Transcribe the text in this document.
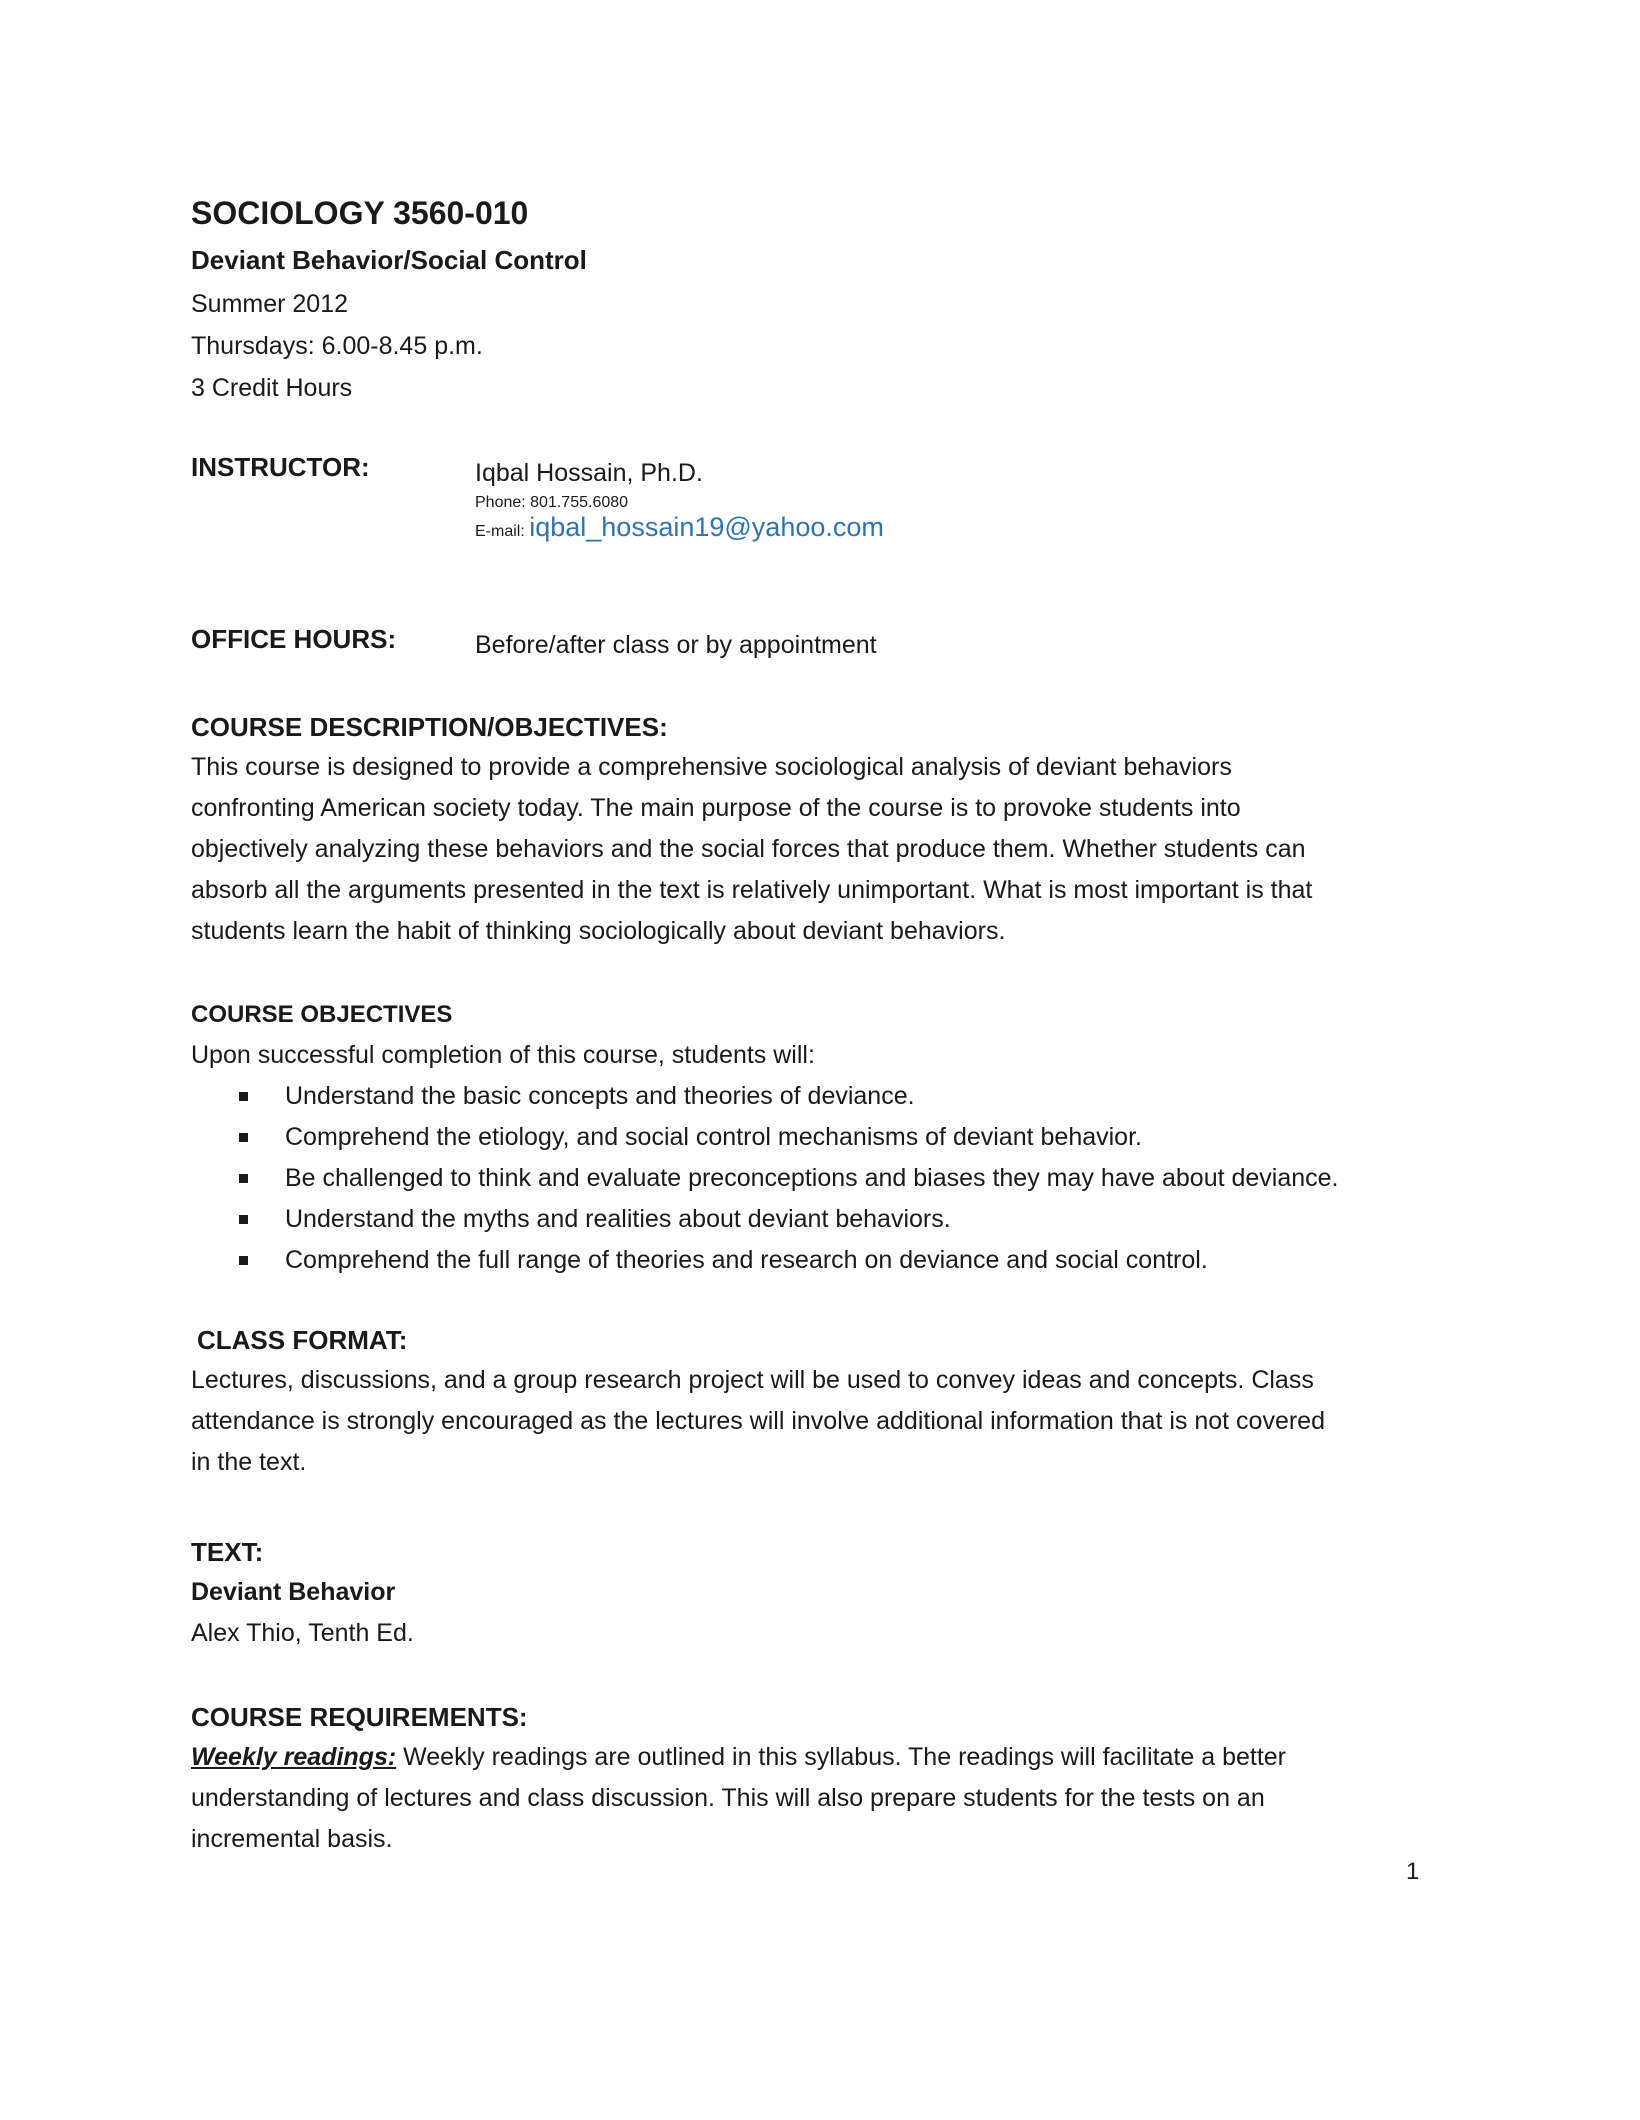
SOCIOLOGY 3560-010
Deviant Behavior/Social Control
Summer 2012
Thursdays: 6.00-8.45 p.m.
3 Credit Hours
INSTRUCTOR:	Iqbal Hossain, Ph.D.
Phone: 801.755.6080
E-mail: iqbal_hossain19@yahoo.com
OFFICE HOURS:	Before/after class or by appointment
COURSE DESCRIPTION/OBJECTIVES:

This course is designed to provide a comprehensive sociological analysis of deviant behaviors

confronting American society today. The main purpose of the course is to provoke students into

objectively analyzing these behaviors and the social forces that produce them. Whether students can

absorb all the arguments presented in the text is relatively unimportant. What is most important is that

students learn the habit of thinking sociologically about deviant behaviors.

COURSE OBJECTIVES

Upon successful completion of this course, students will:

Understand the basic concepts and theories of deviance.
Comprehend the etiology, and social control mechanisms of deviant behavior.
Be challenged to think and evaluate preconceptions and biases they may have about deviance.
Understand the myths and realities about deviant behaviors.
Comprehend the full range of theories and research on deviance and social control.
CLASS FORMAT:

Lectures, discussions, and a group research project will be used to convey ideas and concepts. Class

attendance is strongly encouraged as the lectures will involve additional information that is not covered

in the text.

TEXT:
Deviant Behavior

Alex Thio, Tenth Ed.

COURSE REQUIREMENTS:

Weekly readings: Weekly readings are outlined in this syllabus. The readings will facilitate a better

understanding of lectures and class discussion. This will also prepare students for the tests on an

incremental basis.

1
